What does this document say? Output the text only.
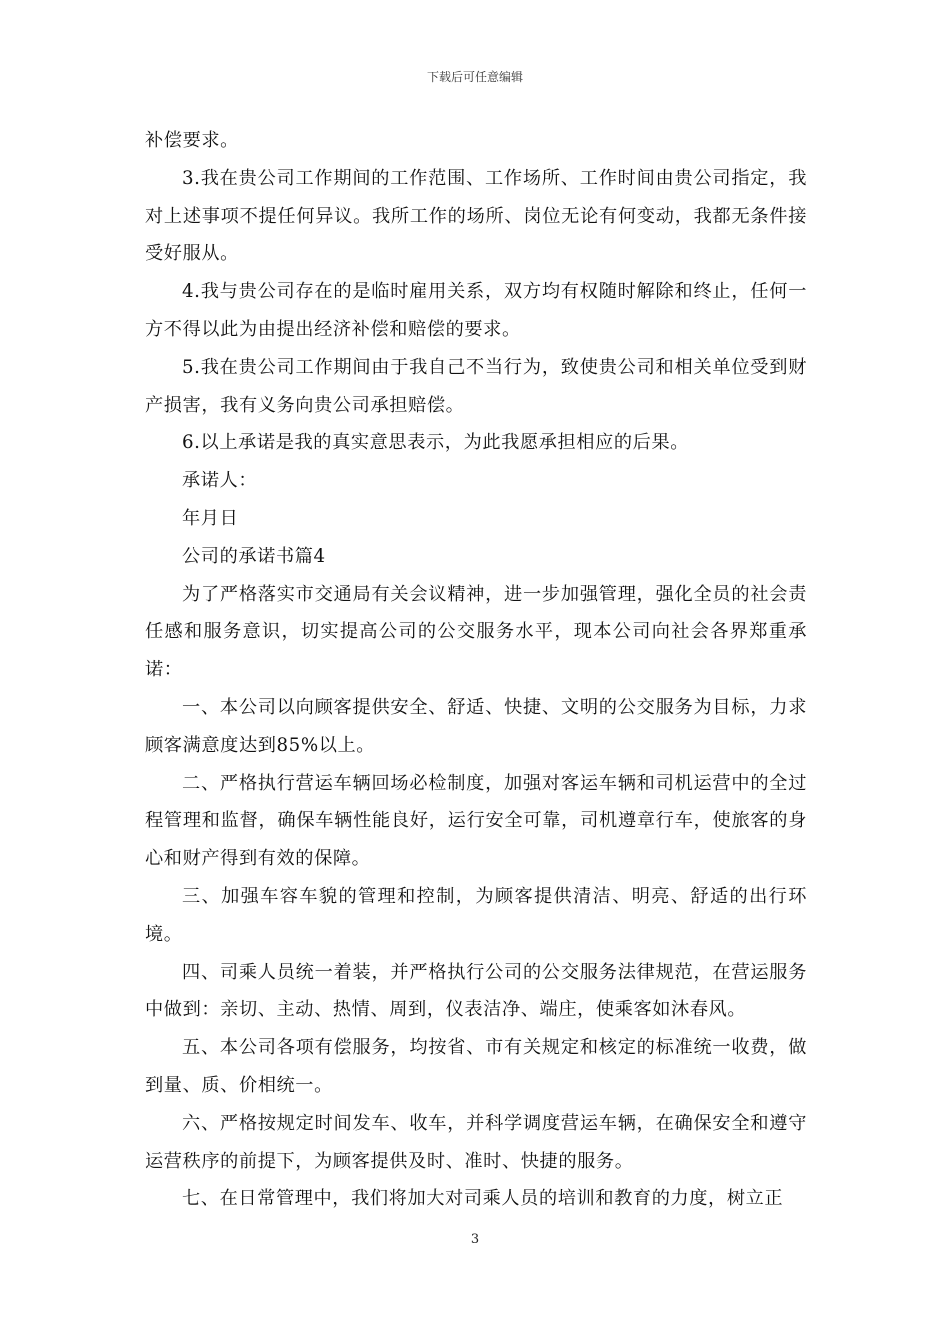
下载后可任意编辑

补偿要求。

3.我在贵公司工作期间的工作范围、工作场所、工作时间由贵公司指定，我对上述事项不提任何异议。我所工作的场所、岗位无论有何变动，我都无条件接受好服从。

4.我与贵公司存在的是临时雇用关系，双方均有权随时解除和终止，任何一方不得以此为由提出经济补偿和赔偿的要求。

5.我在贵公司工作期间由于我自己不当行为，致使贵公司和相关单位受到财产损害，我有义务向贵公司承担赔偿。

6.以上承诺是我的真实意思表示，为此我愿承担相应的后果。

承诺人：

年月日

公司的承诺书篇4

为了严格落实市交通局有关会议精神，进一步加强管理，强化全员的社会责任感和服务意识，切实提高公司的公交服务水平，现本公司向社会各界郑重承诺：

一、本公司以向顾客提供安全、舒适、快捷、文明的公交服务为目标，力求顾客满意度达到85%以上。

二、严格执行营运车辆回场必检制度，加强对客运车辆和司机运营中的全过程管理和监督，确保车辆性能良好，运行安全可靠，司机遵章行车，使旅客的身心和财产得到有效的保障。

三、加强车容车貌的管理和控制，为顾客提供清洁、明亮、舒适的出行环境。

四、司乘人员统一着装，并严格执行公司的公交服务法律规范，在营运服务中做到：亲切、主动、热情、周到，仪表洁净、端庄，使乘客如沐春风。

五、本公司各项有偿服务，均按省、市有关规定和核定的标准统一收费，做到量、质、价相统一。

六、严格按规定时间发车、收车，并科学调度营运车辆，在确保安全和遵守运营秩序的前提下，为顾客提供及时、准时、快捷的服务。

七、在日常管理中，我们将加大对司乘人员的培训和教育的力度，树立正

3
